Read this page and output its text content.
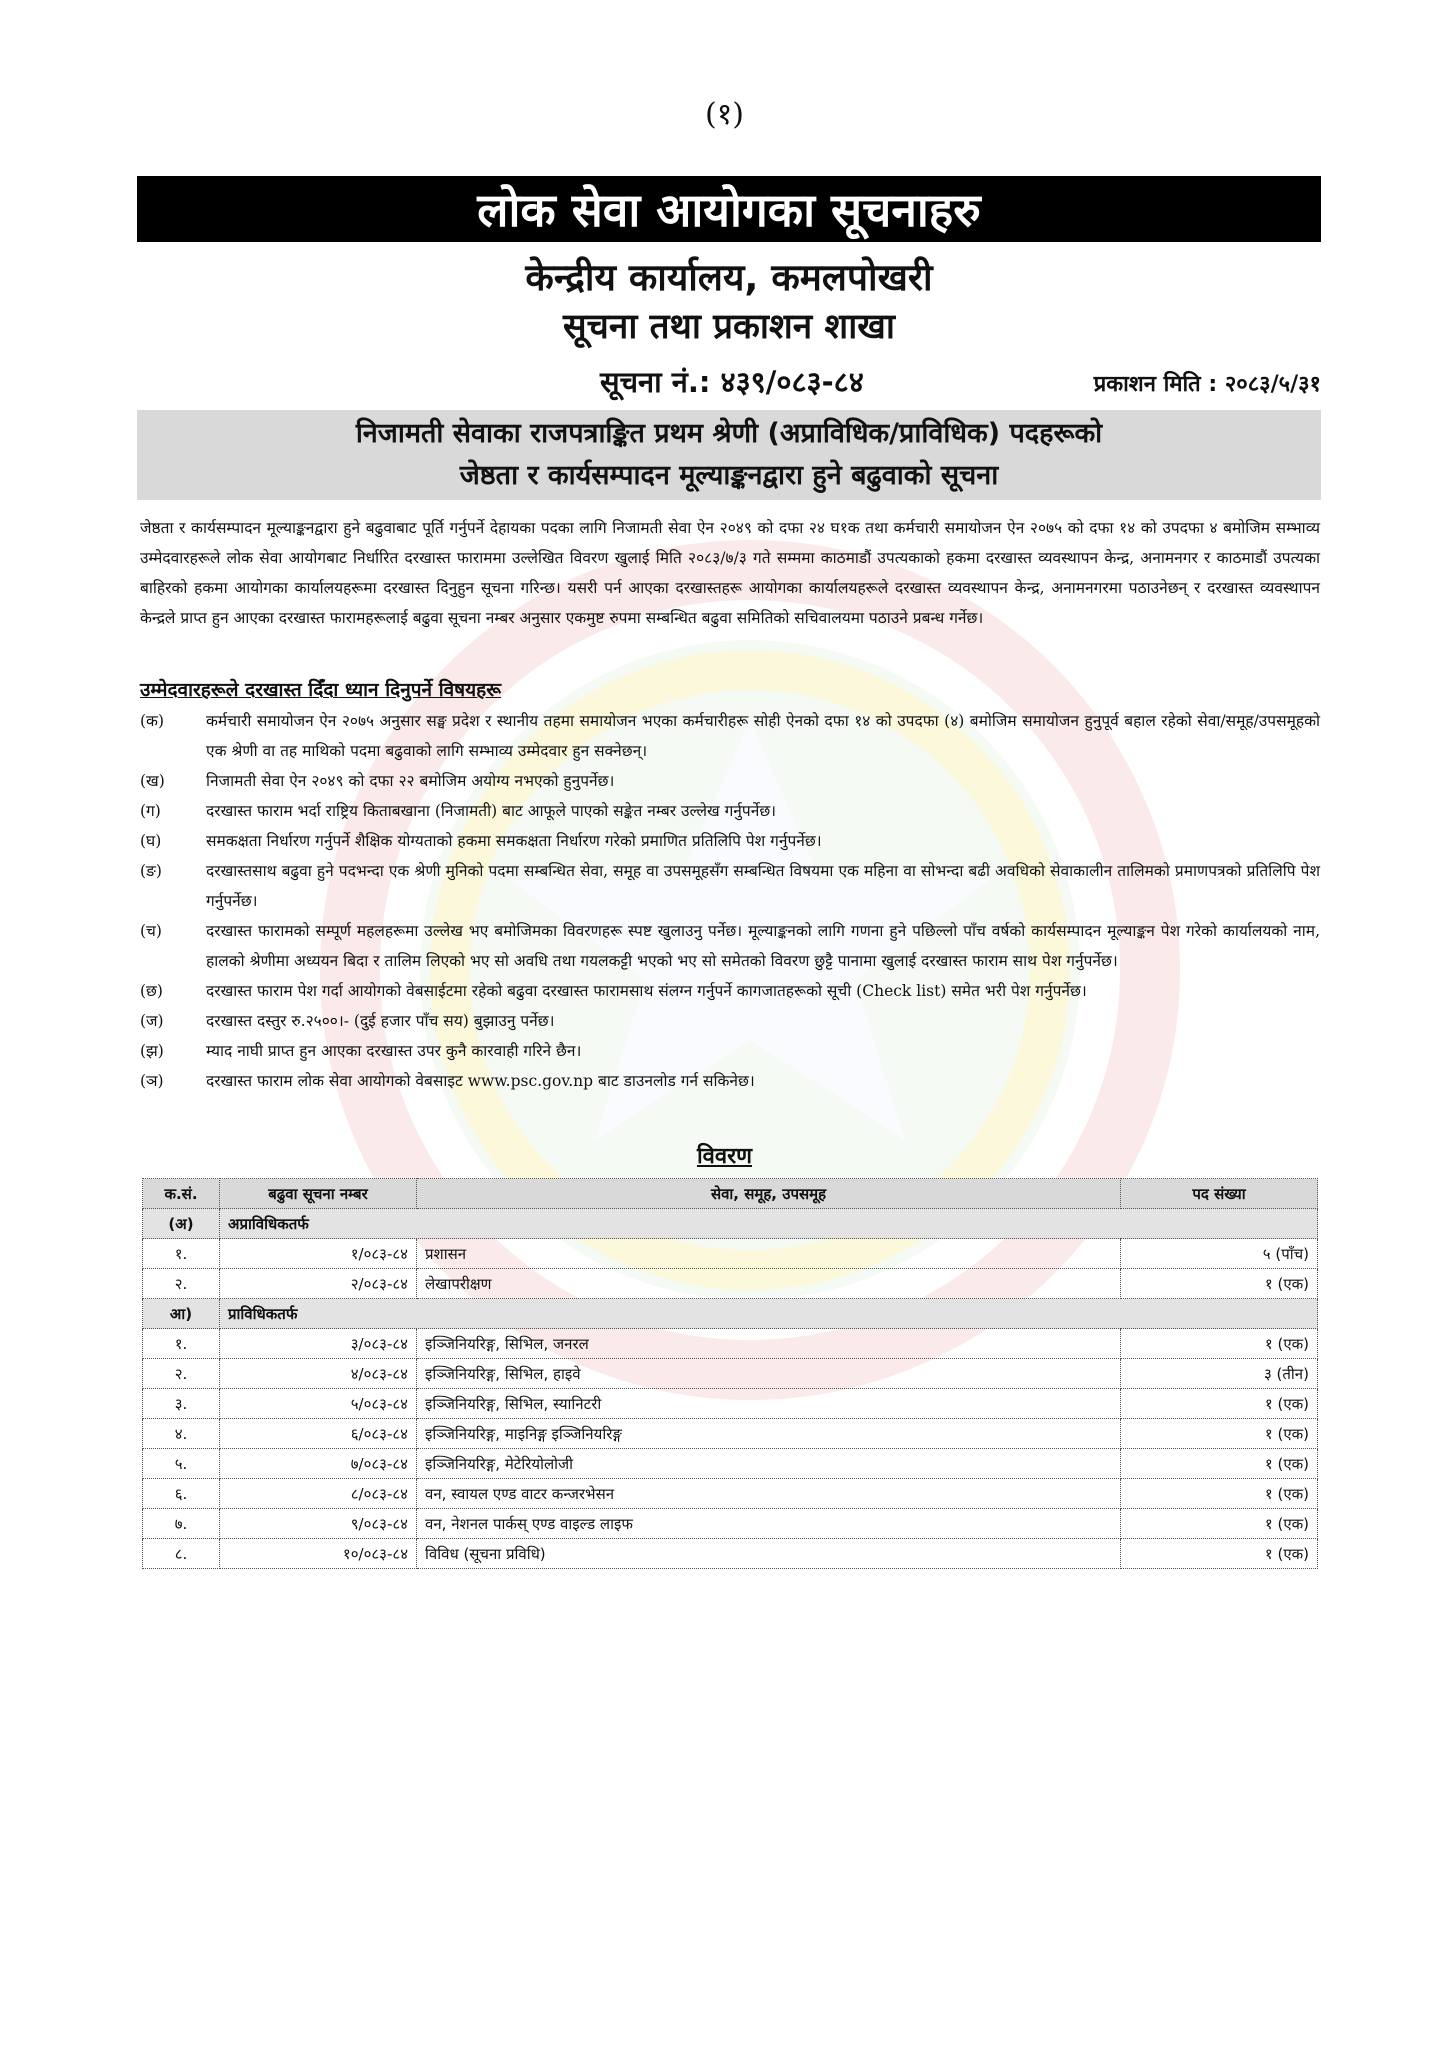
(१)
लोक सेवा आयोगका सूचनाहरु
केन्द्रीय कार्यालय, कमलपोखरी
सूचना तथा प्रकाशन शाखा
सूचना नं.: ४३९/०८३-८४	प्रकाशन मिति : २०८३/५/३१
निजामती सेवाका राजपत्राङ्कित प्रथम श्रेणी (अप्राविधिक/प्राविधिक) पदहरूको
जेष्ठता र कार्यसम्पादन मूल्याङ्कनद्वारा हुने बढुवाको सूचना
जेष्ठता र कार्यसम्पादन मूल्याङ्कनद्वारा हुने बढुवाबाट पूर्ति गर्नुपर्ने देहायका पदका लागि निजामती सेवा ऐन २०४९ को दफा २४ घ१क तथा कर्मचारी समायोजन ऐन २०७५ को दफा १४ को उपदफा ४ बमोजिम सम्भाव्य उम्मेदवारहरूले लोक सेवा आयोगबाट निर्धारित दरखास्त फाराममा उल्लेखित विवरण खुलाई मिति २०८३/७/३ गते सम्ममा काठमाडौं उपत्यकाको हकमा दरखास्त व्यवस्थापन केन्द्र, अनामनगर र काठमाडौं उपत्यका बाहिरको हकमा आयोगका कार्यालयहरूमा दरखास्त दिनुहुन सूचना गरिन्छ। यसरी पर्न आएका दरखास्तहरू आयोगका कार्यालयहरूले दरखास्त व्यवस्थापन केन्द्र, अनामनगरमा पठाउनेछन् र दरखास्त व्यवस्थापन केन्द्रले प्राप्त हुन आएका दरखास्त फारामहरूलाई बढुवा सूचना नम्बर अनुसार एकमुष्ट रुपमा सम्बन्धित बढुवा समितिको सचिवालयमा पठाउने प्रबन्ध गर्नेछ।
उम्मेदवारहरूले दरखास्त दिँदा ध्यान दिनुपर्ने विषयहरू
(क)	कर्मचारी समायोजन ऐन २०७५ अनुसार सङ्घ प्रदेश र स्थानीय तहमा समायोजन भएका कर्मचारीहरू सोही ऐनको दफा १४ को उपदफा (४) बमोजिम समायोजन हुनुपूर्व बहाल रहेको सेवा/समूह/उपसमूहको एक श्रेणी वा तह माथिको पदमा बढुवाको लागि सम्भाव्य उम्मेदवार हुन सक्नेछन्।
(ख)	निजामती सेवा ऐन २०४९ को दफा २२ बमोजिम अयोग्य नभएको हुनुपर्नेछ।
(ग)	दरखास्त फाराम भर्दा राष्ट्रिय किताबखाना (निजामती) बाट आफूले पाएको सङ्केत नम्बर उल्लेख गर्नुपर्नेछ।
(घ)	समकक्षता निर्धारण गर्नुपर्ने शैक्षिक योग्यताको हकमा समकक्षता निर्धारण गरेको प्रमाणित प्रतिलिपि पेश गर्नुपर्नेछ।
(ङ)	दरखास्तसाथ बढुवा हुने पदभन्दा एक श्रेणी मुनिको पदमा सम्बन्धित सेवा, समूह वा उपसमूहसँग सम्बन्धित विषयमा एक महिना वा सोभन्दा बढी अवधिको सेवाकालीन तालिमको प्रमाणपत्रको प्रतिलिपि पेश गर्नुपर्नेछ।
(च)	दरखास्त फारामको सम्पूर्ण महलहरूमा उल्लेख भए बमोजिमका विवरणहरू स्पष्ट खुलाउनु पर्नेछ। मूल्याङ्कनको लागि गणना हुने पछिल्लो पाँच वर्षको कार्यसम्पादन मूल्याङ्कन पेश गरेको कार्यालयको नाम, हालको श्रेणीमा अध्ययन बिदा र तालिम लिएको भए सो अवधि तथा गयलकट्टी भएको भए सो समेतको विवरण छुट्टै पानामा खुलाई दरखास्त फाराम साथ पेश गर्नुपर्नेछ।
(छ)	दरखास्त फाराम पेश गर्दा आयोगको वेबसाईटमा रहेको बढुवा दरखास्त फारामसाथ संलग्न गर्नुपर्ने कागजातहरूको सूची (Check list) समेत भरी पेश गर्नुपर्नेछ।
(ज)	दरखास्त दस्तुर रु.२५००।- (दुई हजार पाँच सय) बुझाउनु पर्नेछ।
(झ)	म्याद नाघी प्राप्त हुन आएका दरखास्त उपर कुनै कारवाही गरिने छैन।
(ञ)	दरखास्त फाराम लोक सेवा आयोगको वेबसाइट www.psc.gov.np बाट डाउनलोड गर्न सकिनेछ।
विवरण
क.सं.	बढुवा सूचना नम्बर	सेवा, समूह, उपसमूह	पद संख्या
(अ)	अप्राविधिकतर्फ		
१.	१/०८३-८४	प्रशासन	५ (पाँच)
२.	२/०८३-८४	लेखापरीक्षण	१ (एक)
आ)	प्राविधिकतर्फ		
१.	३/०८३-८४	इञ्जिनियरिङ्ग, सिभिल, जनरल	१ (एक)
२.	४/०८३-८४	इञ्जिनियरिङ्ग, सिभिल, हाइवे	३ (तीन)
३.	५/०८३-८४	इञ्जिनियरिङ्ग, सिभिल, स्यानिटरी	१ (एक)
४.	६/०८३-८४	इञ्जिनियरिङ्ग, माइनिङ्ग इञ्जिनियरिङ्ग	१ (एक)
५.	७/०८३-८४	इञ्जिनियरिङ्ग, मेटेरियोलोजी	१ (एक)
६.	८/०८३-८४	वन, स्वायल एण्ड वाटर कन्जरभेसन	१ (एक)
७.	९/०८३-८४	वन, नेशनल पार्कस् एण्ड वाइल्ड लाइफ	१ (एक)
८.	१०/०८३-८४	विविध (सूचना प्रविधि)	१ (एक)
